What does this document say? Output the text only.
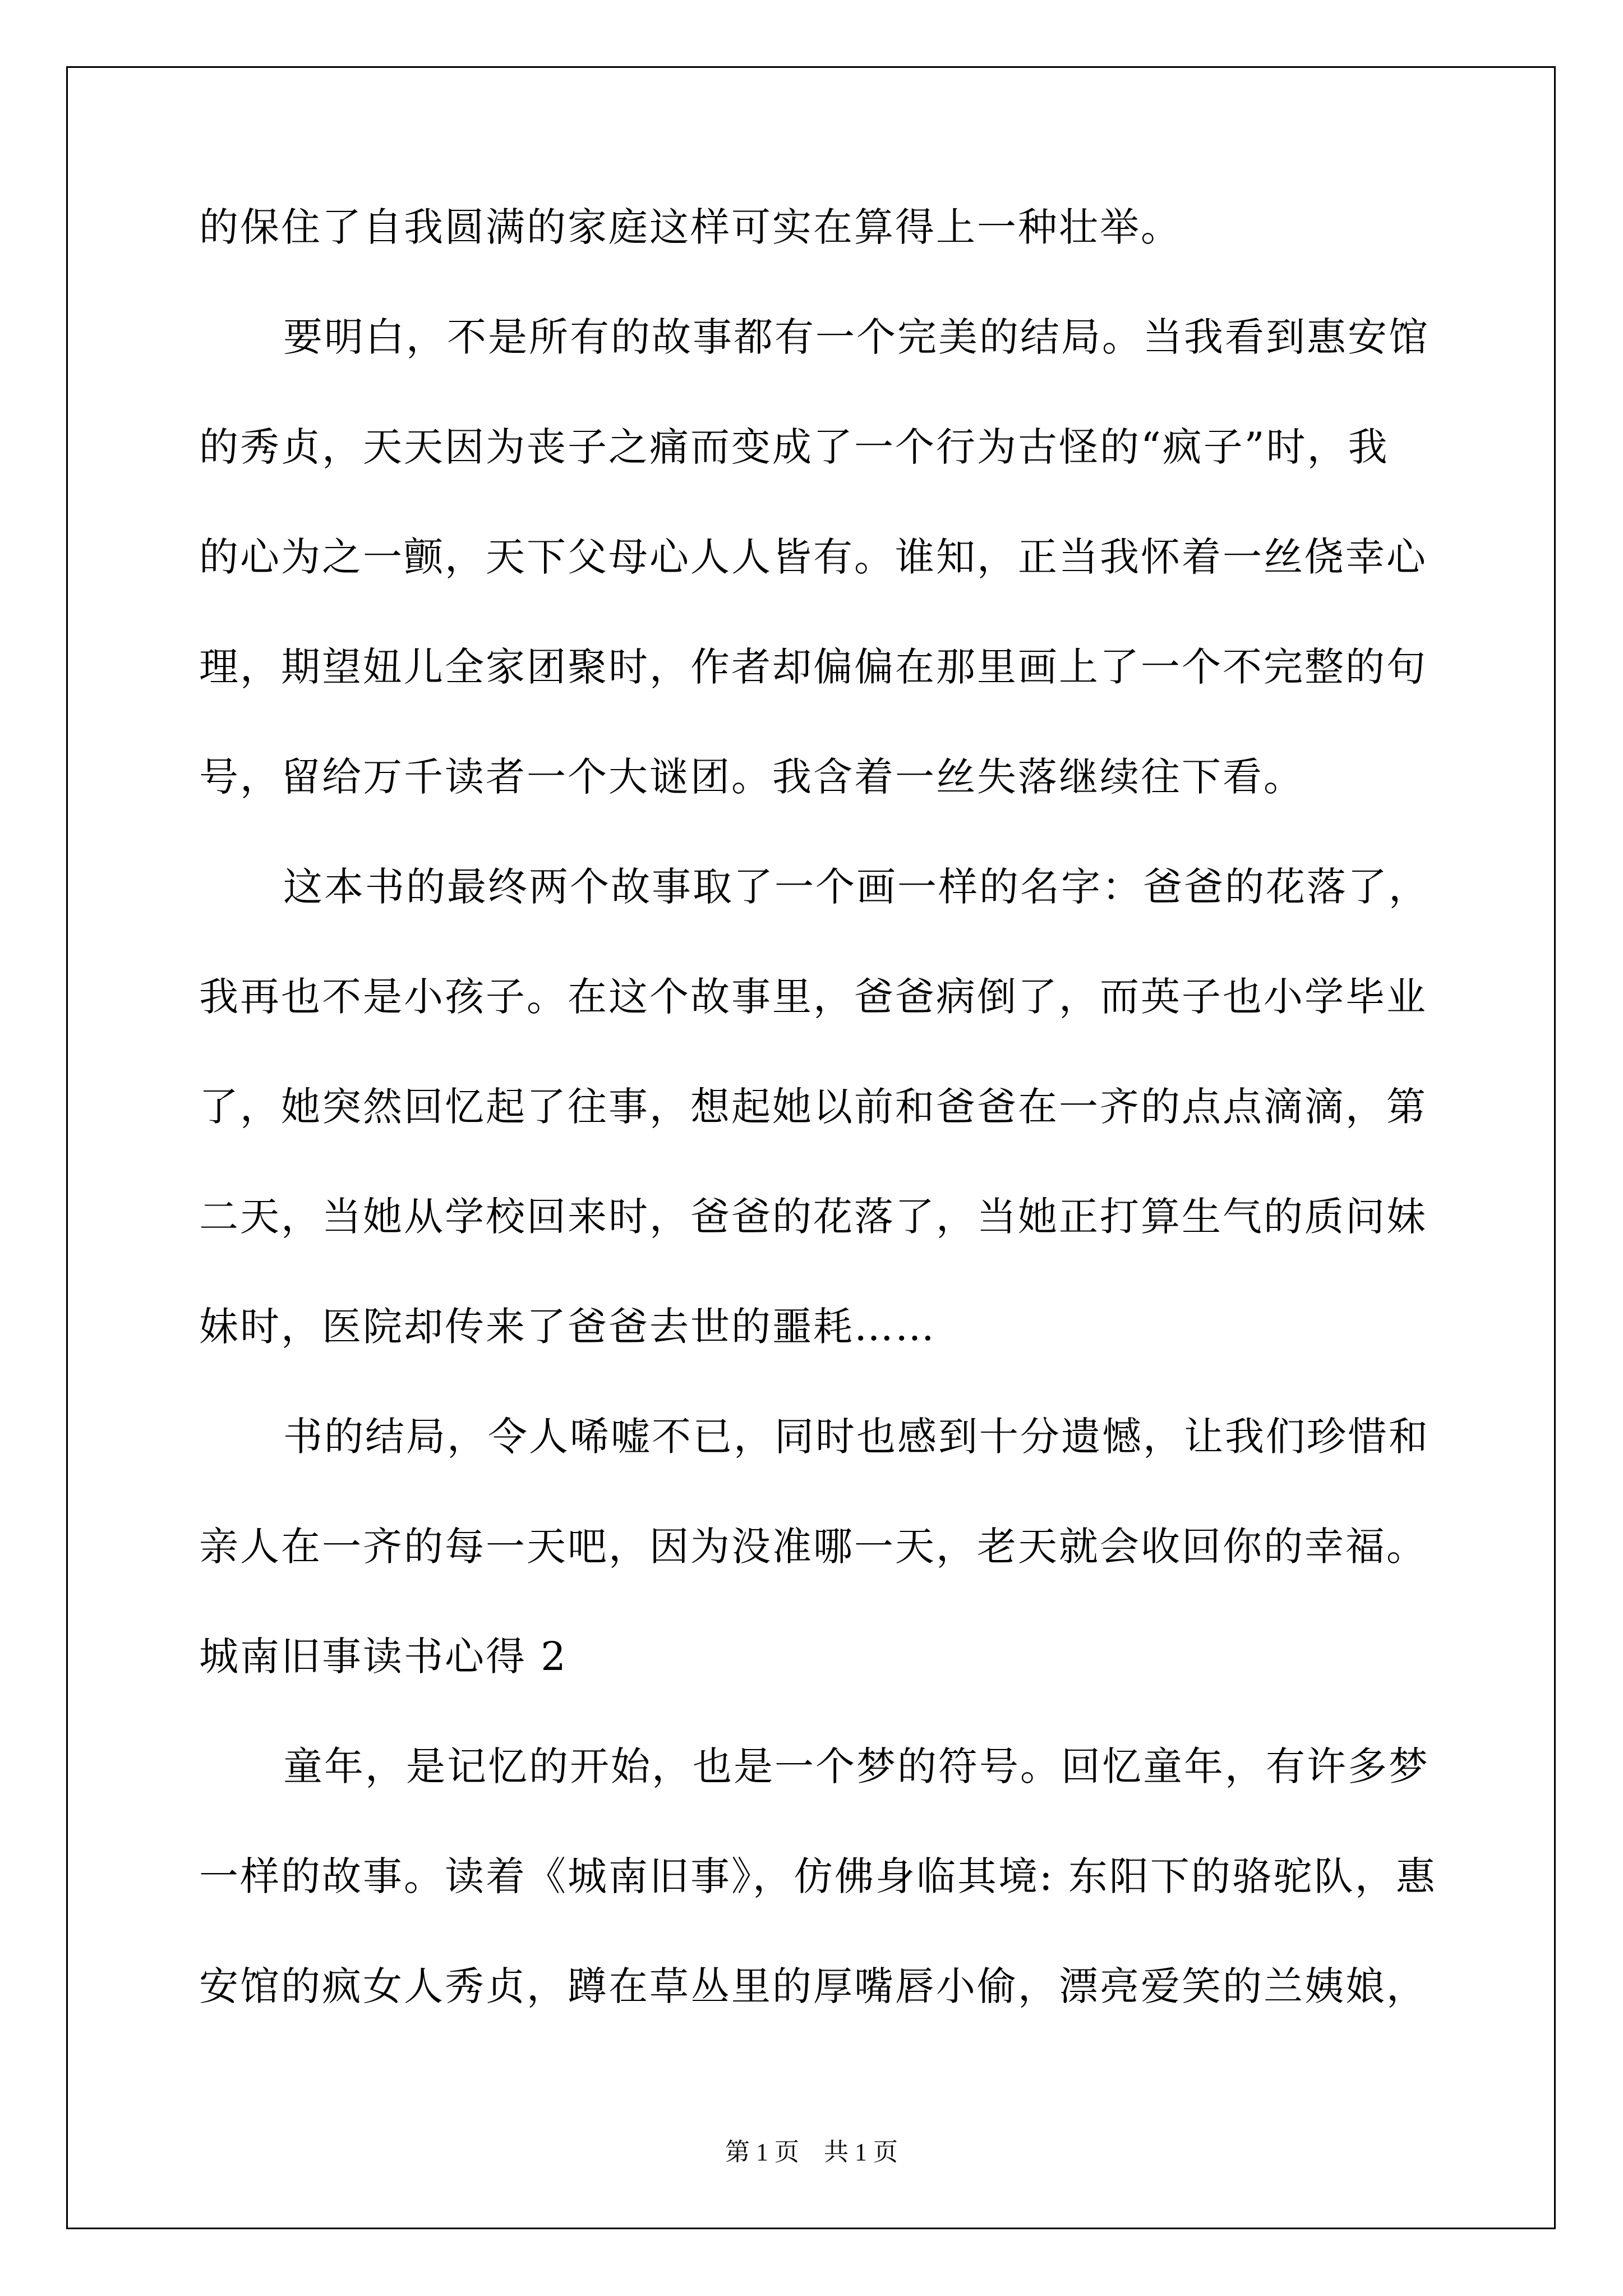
的保住了自我圆满的家庭这样可实在算得上一种壮举。
要明白，不是所有的故事都有一个完美的结局。当我看到惠安馆
的秀贞，天天因为丧子之痛而变成了一个行为古怪的“疯子”时，我
的心为之一颤，天下父母心人人皆有。谁知，正当我怀着一丝侥幸心
理，期望妞儿全家团聚时，作者却偏偏在那里画上了一个不完整的句
号，留给万千读者一个大谜团。我含着一丝失落继续往下看。
这本书的最终两个故事取了一个画一样的名字：爸爸的花落了，
我再也不是小孩子。在这个故事里，爸爸病倒了，而英子也小学毕业
了，她突然回忆起了往事，想起她以前和爸爸在一齐的点点滴滴，第
二天，当她从学校回来时，爸爸的花落了，当她正打算生气的质问妹
妹时，医院却传来了爸爸去世的噩耗……
书的结局，令人唏嘘不已，同时也感到十分遗憾，让我们珍惜和
亲人在一齐的每一天吧，因为没准哪一天，老天就会收回你的幸福。
城南旧事读书心得 2
童年，是记忆的开始，也是一个梦的符号。回忆童年，有许多梦
一样的故事。读着《城南旧事》，仿佛身临其境: 东阳下的骆驼队，惠
安馆的疯女人秀贞，蹲在草丛里的厚嘴唇小偷，漂亮爱笑的兰姨娘，
第 1 页　共 1 页
